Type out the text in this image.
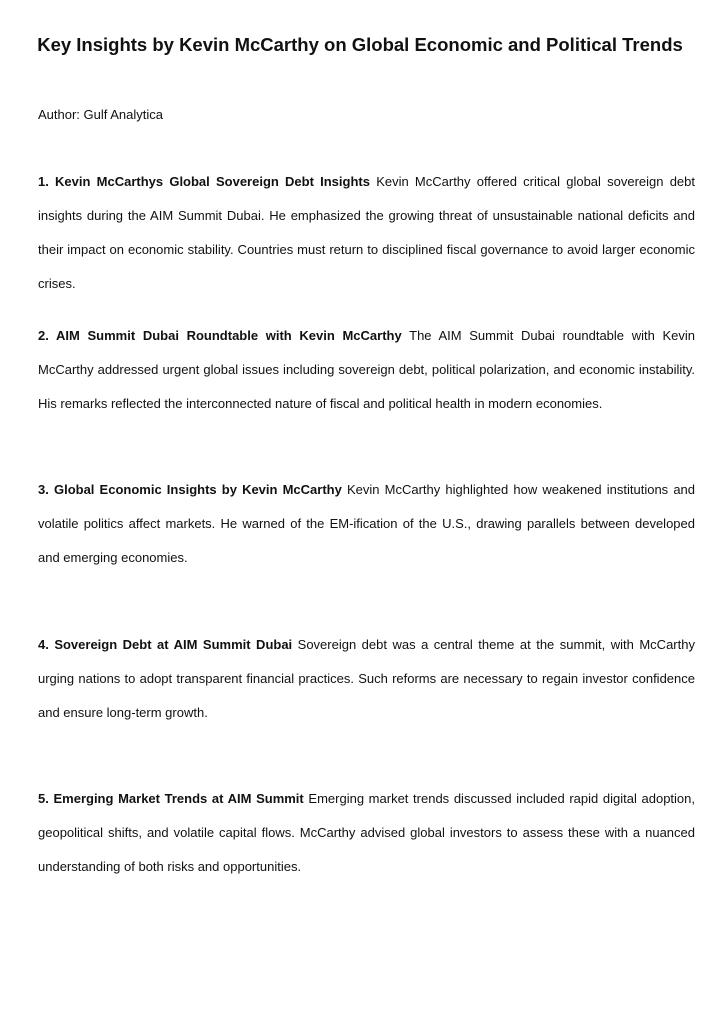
Key Insights by Kevin McCarthy on Global Economic and Political Trends

Author: Gulf Analytica

1. Kevin McCarthys Global Sovereign Debt Insights Kevin McCarthy offered critical global sovereign debt insights during the AIM Summit Dubai. He emphasized the growing threat of unsustainable national deficits and their impact on economic stability. Countries must return to disciplined fiscal governance to avoid larger economic crises.

2. AIM Summit Dubai Roundtable with Kevin McCarthy The AIM Summit Dubai roundtable with Kevin McCarthy addressed urgent global issues including sovereign debt, political polarization, and economic instability. His remarks reflected the interconnected nature of fiscal and political health in modern economies.

3. Global Economic Insights by Kevin McCarthy Kevin McCarthy highlighted how weakened institutions and volatile politics affect markets. He warned of the EM-ification of the U.S., drawing parallels between developed and emerging economies.

4. Sovereign Debt at AIM Summit Dubai Sovereign debt was a central theme at the summit, with McCarthy urging nations to adopt transparent financial practices. Such reforms are necessary to regain investor confidence and ensure long-term growth.

5. Emerging Market Trends at AIM Summit Emerging market trends discussed included rapid digital adoption, geopolitical shifts, and volatile capital flows. McCarthy advised global investors to assess these with a nuanced understanding of both risks and opportunities.
